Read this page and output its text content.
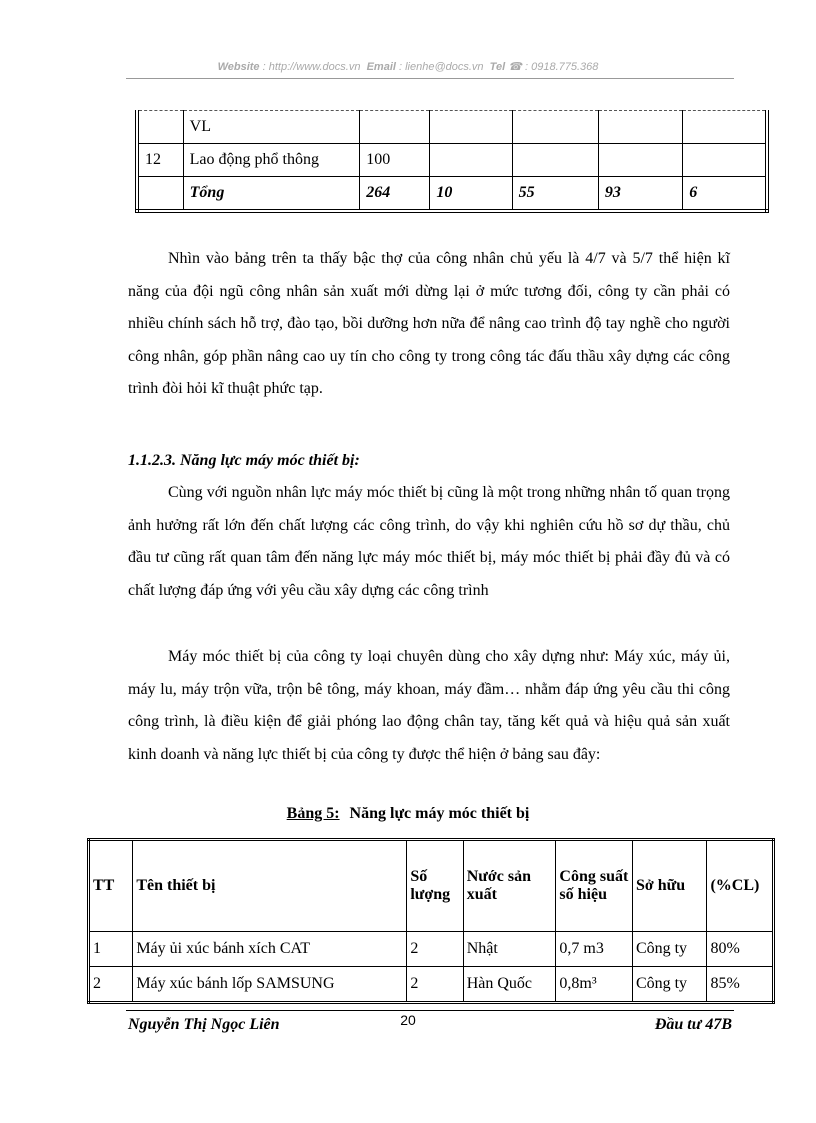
Website : http://www.docs.vn Email : lienhe@docs.vn Tel ☎ : 0918.775.368
	VL					
12	Lao động phổ thông	100				
	Tổng	264	10	55	93	6

Nhìn vào bảng trên ta thấy bậc thợ của công nhân chủ yếu là 4/7 và 5/7 thể hiện kĩ năng của đội ngũ công nhân sản xuất mới dừng lại ở mức tương đối, công ty cần phải có nhiều chính sách hỗ trợ, đào tạo, bồi dưỡng hơn nữa để nâng cao trình độ tay nghề cho người công nhân, góp phần nâng cao uy tín cho công ty trong công tác đấu thầu xây dựng các công trình đòi hỏi kĩ thuật phức tạp.

1.1.2.3. Năng lực máy móc thiết bị:

Cùng với nguồn nhân lực máy móc thiết bị cũng là một trong những nhân tố quan trọng ảnh hưởng rất lớn đến chất lượng các công trình, do vậy khi nghiên cứu hồ sơ dự thầu, chủ đầu tư cũng rất quan tâm đến năng lực máy móc thiết bị, máy móc thiết bị phải đầy đủ và có chất lượng đáp ứng với yêu cầu xây dựng các công trình

Máy móc thiết bị của công ty loại chuyên dùng cho xây dựng như: Máy xúc, máy ủi, máy lu, máy trộn vữa, trộn bê tông, máy khoan, máy đầm… nhằm đáp ứng yêu cầu thi công công trình, là điều kiện để giải phóng lao động chân tay, tăng kết quả và hiệu quả sản xuất kinh doanh và năng lực thiết bị của công ty được thể hiện ở bảng sau đây:

Bảng 5: Năng lực máy móc thiết bị
TT	Tên thiết bị	Số lượng	Nước sản xuất	Công suất số hiệu	Sở hữu	(%CL)
1	Máy ủi xúc bánh xích CAT	2	Nhật	0,7 m3	Công ty	80%
2	Máy xúc bánh lốp SAMSUNG	2	Hàn Quốc	0,8m³	Công ty	85%
Nguyễn Thị Ngọc Liên	20	Đầu tư 47B
